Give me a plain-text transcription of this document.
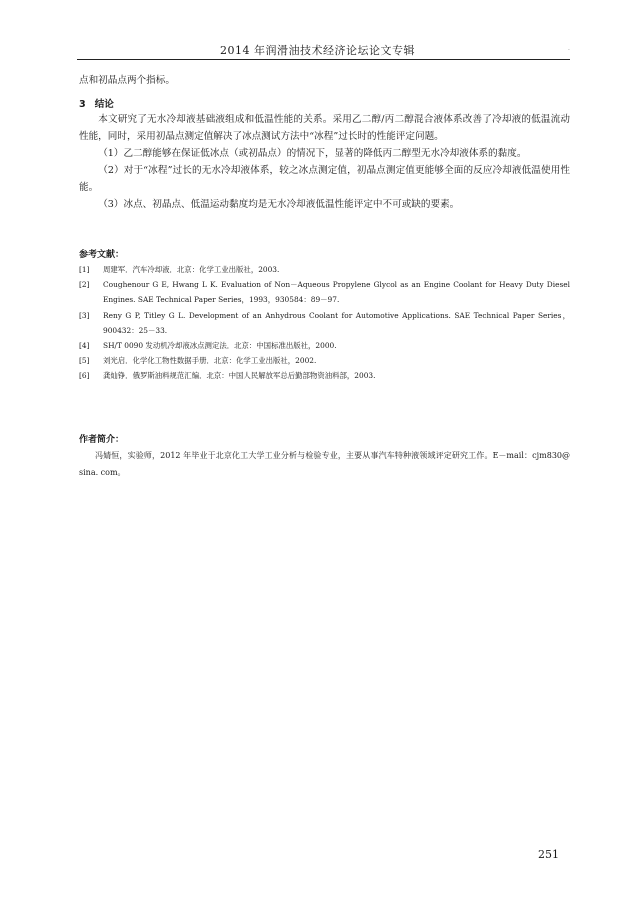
2014 年润滑油技术经济论坛论文专辑	·
点和初晶点两个指标。
3 结论

本文研究了无水冷却液基础液组成和低温性能的关系。采用乙二醇/丙二醇混合液体系改善了冷却液的低温流动性能，同时，采用初晶点测定值解决了冰点测试方法中“冰程”过长时的性能评定问题。

（1）乙二醇能够在保证低冰点（或初晶点）的情况下，显著的降低丙二醇型无水冷却液体系的黏度。

（2）对于“冰程”过长的无水冷却液体系，较之冰点测定值，初晶点测定值更能够全面的反应冷却液低温使用性能。

（3）冰点、初晶点、低温运动黏度均是无水冷却液低温性能评定中不可或缺的要素。

参考文献：
[1]	周建军．汽车冷却液．北京：化学工业出版社，2003.
[2]	Coughenour G E, Hwang L K. Evaluation of Non－Aqueous Propylene Glycol as an Engine Coolant for Heavy Duty Diesel Engines. SAE Technical Paper Series，1993，930584：89－97.
[3]	Reny G P, Titley G L. Development of an Anhydrous Coolant for Automotive Applications. SAE Technical Paper Series，900432：25－33.
[4]	SH/T 0090 发动机冷却液冰点测定法．北京：中国标准出版社，2000.
[5]	刘光启．化学化工物性数据手册．北京：化学工业出版社，2002.
[6]	龚灿铮．俄罗斯油料规范汇编．北京：中国人民解放军总后勤部物资油料部，2003.
作者简介：

冯婧恒，实验师，2012 年毕业于北京化工大学工业分析与检验专业，主要从事汽车特种液领域评定研究工作。E－mail：cjm830@ sina. com。

251
